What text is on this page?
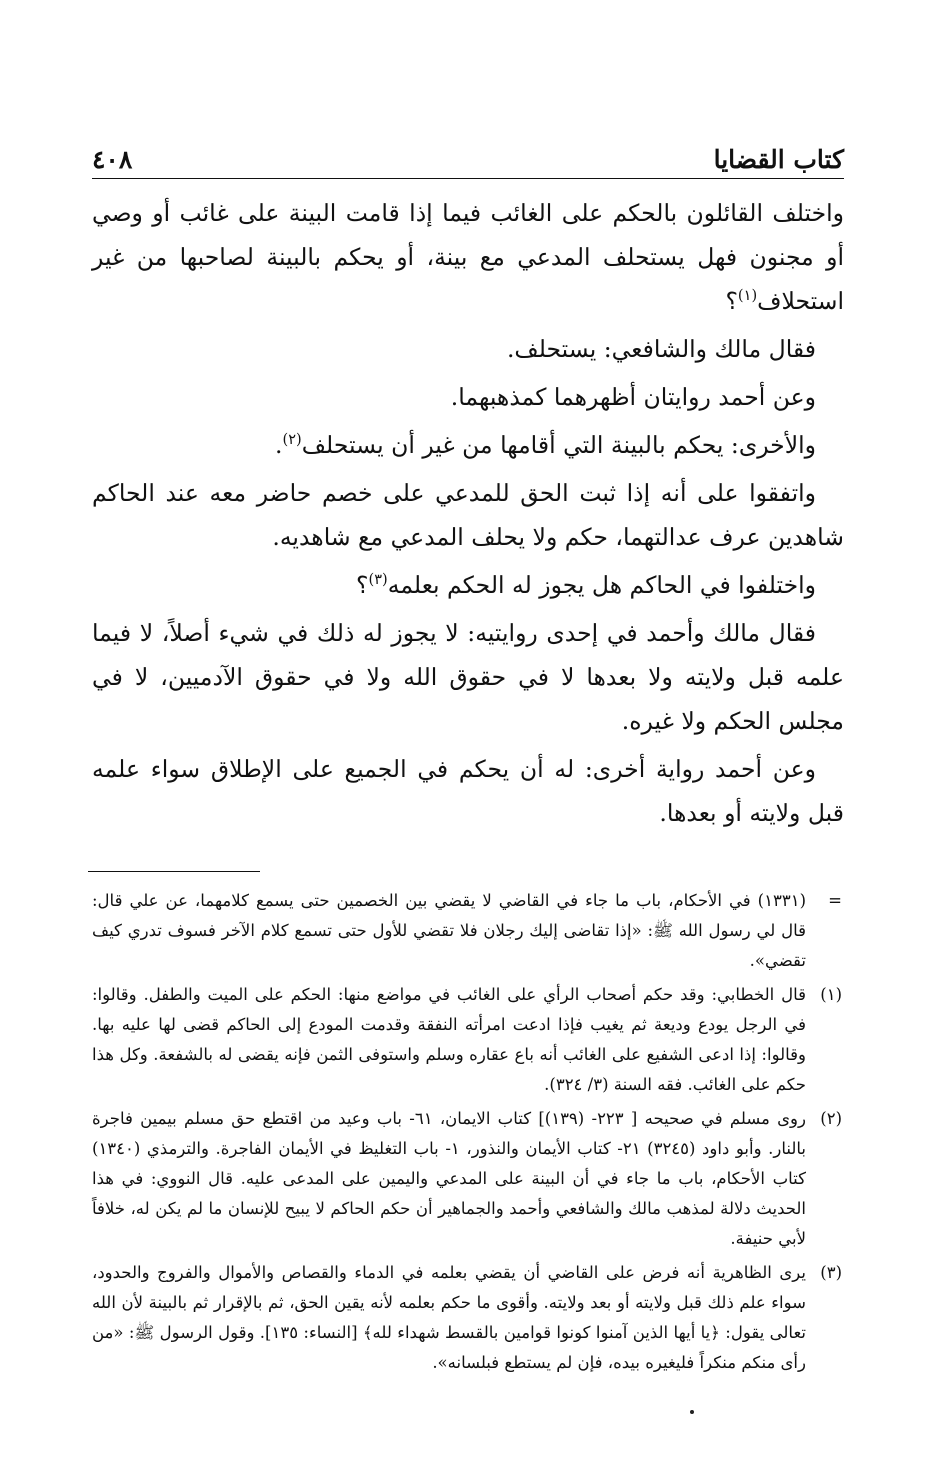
كتاب القضايا
٤٠٨

واختلف القائلون بالحكم على الغائب فيما إذا قامت البينة على غائب أو وصي أو مجنون فهل يستحلف المدعي مع بينة، أو يحكم بالبينة لصاحبها من غير استحلاف$^{(١)}$؟

فقال مالك والشافعي: يستحلف.

وعن أحمد روايتان أظهرهما كمذهبهما.

والأخرى: يحكم بالبينة التي أقامها من غير أن يستحلف$^{(٢)}$.

واتفقوا على أنه إذا ثبت الحق للمدعي على خصم حاضر معه عند الحاكم شاهدين عرف عدالتهما، حكم ولا يحلف المدعي مع شاهديه.

واختلفوا في الحاكم هل يجوز له الحكم بعلمه$^{(٣)}$؟

فقال مالك وأحمد في إحدى روايتيه: لا يجوز له ذلك في شيء أصلاً، لا فيما علمه قبل ولايته ولا بعدها لا في حقوق الله ولا في حقوق الآدميين، لا في مجلس الحكم ولا غيره.

وعن أحمد رواية أخرى: له أن يحكم في الجميع على الإطلاق سواء علمه قبل ولايته أو بعدها.

=
(١٣٣١) في الأحكام، باب ما جاء في القاضي لا يقضي بين الخصمين حتى يسمع كلامهما، عن علي قال: قال لي رسول الله ﷺ: «إذا تقاضى إليك رجلان فلا تقضي للأول حتى تسمع كلام الآخر فسوف تدري كيف تقضي».
(١)
قال الخطابي: وقد حكم أصحاب الرأي على الغائب في مواضع منها: الحكم على الميت والطفل. وقالوا: في الرجل يودع وديعة ثم يغيب فإذا ادعت امرأته النفقة وقدمت المودع إلى الحاكم قضى لها عليه بها. وقالوا: إذا ادعى الشفيع على الغائب أنه باع عقاره وسلم واستوفى الثمن فإنه يقضى له بالشفعة. وكل هذا حكم على الغائب. فقه السنة (٣/ ٣٢٤).
(٢)
روى مسلم في صحيحه [ ٢٢٣- (١٣٩)] كتاب الايمان، ٦١- باب وعيد من اقتطع حق مسلم بيمين فاجرة بالنار. وأبو داود (٣٢٤٥) ٢١- كتاب الأيمان والنذور، ١- باب التغليظ في الأيمان الفاجرة. والترمذي (١٣٤٠) كتاب الأحكام، باب ما جاء في أن البينة على المدعي واليمين على المدعى عليه. قال النووي: في هذا الحديث دلالة لمذهب مالك والشافعي وأحمد والجماهير أن حكم الحاكم لا يبيح للإنسان ما لم يكن له، خلافاً لأبي حنيفة.
(٣)
يرى الظاهرية أنه فرض على القاضي أن يقضي بعلمه في الدماء والقصاص والأموال والفروج والحدود، سواء علم ذلك قبل ولايته أو بعد ولايته. وأقوى ما حكم بعلمه لأنه يقين الحق، ثم بالإقرار ثم بالبينة لأن الله تعالى يقول: ﴿يا أيها الذين آمنوا كونوا قوامين بالقسط شهداء لله﴾ [النساء: ١٣٥]. وقول الرسول ﷺ: «من رأى منكم منكراً فليغيره بيده، فإن لم يستطع فبلسانه».
